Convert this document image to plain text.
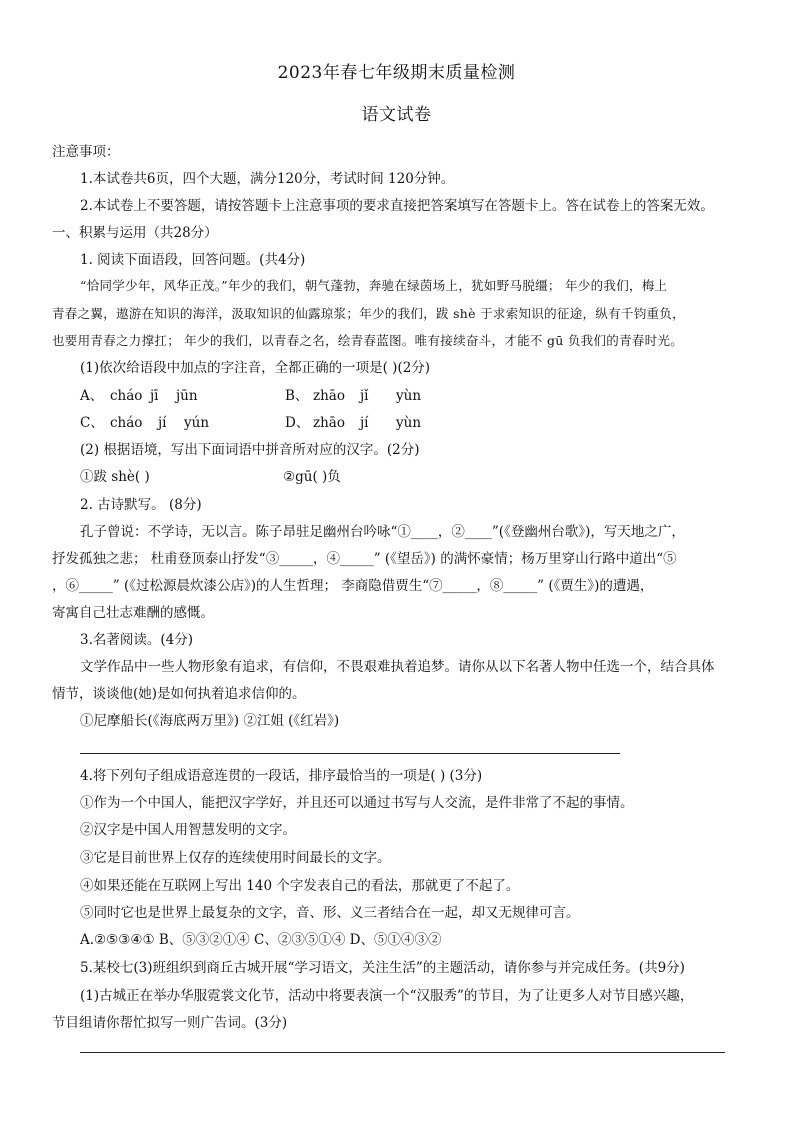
2023年春七年级期末质量检测
语文试卷
注意事项：
1.本试卷共6页，四个大题，满分120分，考试时间 120分钟。
2.本试卷上不要答题，请按答题卡上注意事项的要求直接把答案填写在答题卡上。答在试卷上的答案无效。
一、积累与运用（共28分）
1. 阅读下面语段，回答问题。(共4分)
“恰同学少年，风华正茂。”年少的我们，朝气蓬勃，奔驰在绿茵场上，犹如野马脱缰； 年少的我们，梅上
青春之翼，遨游在知识的海洋，汲取知识的仙露琼浆；年少的我们，跋 shè 于求索知识的征途，纵有千钧重负，
也要用青春之力撑扛； 年少的我们，以青春之名，绘青春蓝图。唯有接续奋斗，才能不 gū 负我们的青春时光。
(1)依次给语段中加点的字注音，全都正确的一项是( )(2分)
A、 cháo jī jūn	B、 zhāo jǐ yùn
C、 cháo jí yún	D、 zhāo jí yùn
(2) 根据语境，写出下面词语中拼音所对应的汉字。(2分)
①跋 shè( )	②gū( )负
2. 古诗默写。 (8分)
孔子曾说：不学诗，无以言。陈子昂驻足幽州台吟咏“①____，②____”(《登幽州台歌》)，写天地之广，
抒发孤独之悲； 杜甫登顶泰山抒发“③_____，④_____” (《望岳》) 的满怀豪情；杨万里穿山行路中道出“⑤
，⑥_____” (《过松源晨炊漆公店》)的人生哲理； 李商隐借贾生“⑦_____，⑧_____” (《贾生》)的遭遇，
寄寓自己壮志难酬的感慨。
3.名著阅读。(4分)
文学作品中一些人物形象有追求，有信仰，不畏艰难执着追梦。请你从以下名著人物中任选一个，结合具体
情节，谈谈他(她)是如何执着追求信仰的。
①尼摩船长(《海底两万里》) ②江姐 (《红岩》)
4.将下列句子组成语意连贯的一段话，排序最恰当的一项是( ) (3分)
①作为一个中国人，能把汉字学好，并且还可以通过书写与人交流，是件非常了不起的事情。
②汉字是中国人用智慧发明的文字。
③它是目前世界上仅存的连续使用时间最长的文字。
④如果还能在互联网上写出 140 个字发表自己的看法，那就更了不起了。
⑤同时它也是世界上最复杂的文字，音、形、义三者结合在一起，却又无规律可言。
A.②⑤③④① B、⑤③②①④ C、②③⑤①④ D、⑤①④③②
5.某校七(3)班组织到商丘古城开展“学习语文，关注生活”的主题活动，请你参与并完成任务。(共9分)
(1)古城正在举办华服霓裳文化节，活动中将要表演一个“汉服秀”的节目，为了让更多人对节目感兴趣，
节目组请你帮忙拟写一则广告词。(3分)
